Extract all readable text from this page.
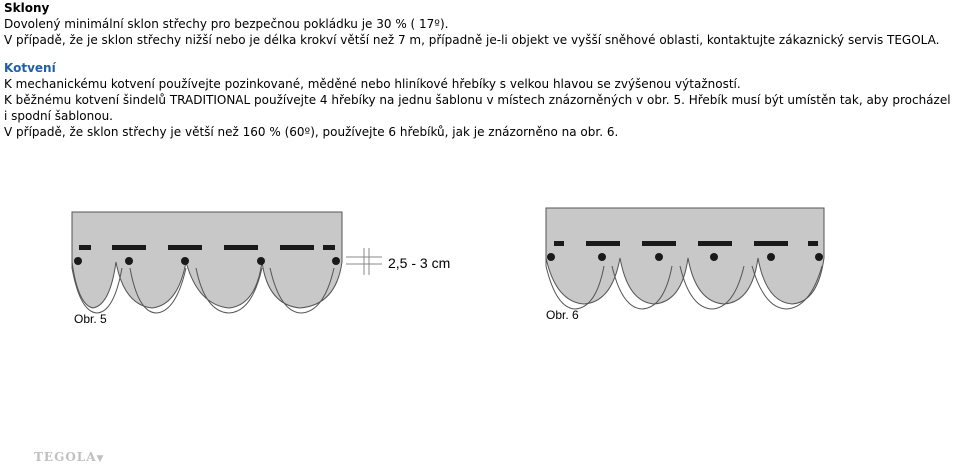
Sklony
Dovolený minimální sklon střechy pro bezpečnou pokládku je 30 % ( 17º).
V případě, že je sklon střechy nižší nebo je délka krokví větší než 7 m, případně je-li objekt ve vyšší sněhové oblasti, kontaktujte zákaznický servis TEGOLA.
Kotvení
K mechanickému kotvení používejte pozinkované, měděné nebo hliníkové hřebíky s velkou hlavou se zvýšenou výtažností.
K běžnému kotvení šindelů TRADITIONAL používejte 4 hřebíky na jednu šablonu v místech znázorněných v obr. 5. Hřebík musí být umístěn tak, aby procházel
i spodní šablonou.
V případě, že sklon střechy je větší než 160 % (60º), používejte 6 hřebíků, jak je znázorněno na obr. 6.
2,5 - 3 cm
Obr. 5	Obr. 6
TEGOLA▼
